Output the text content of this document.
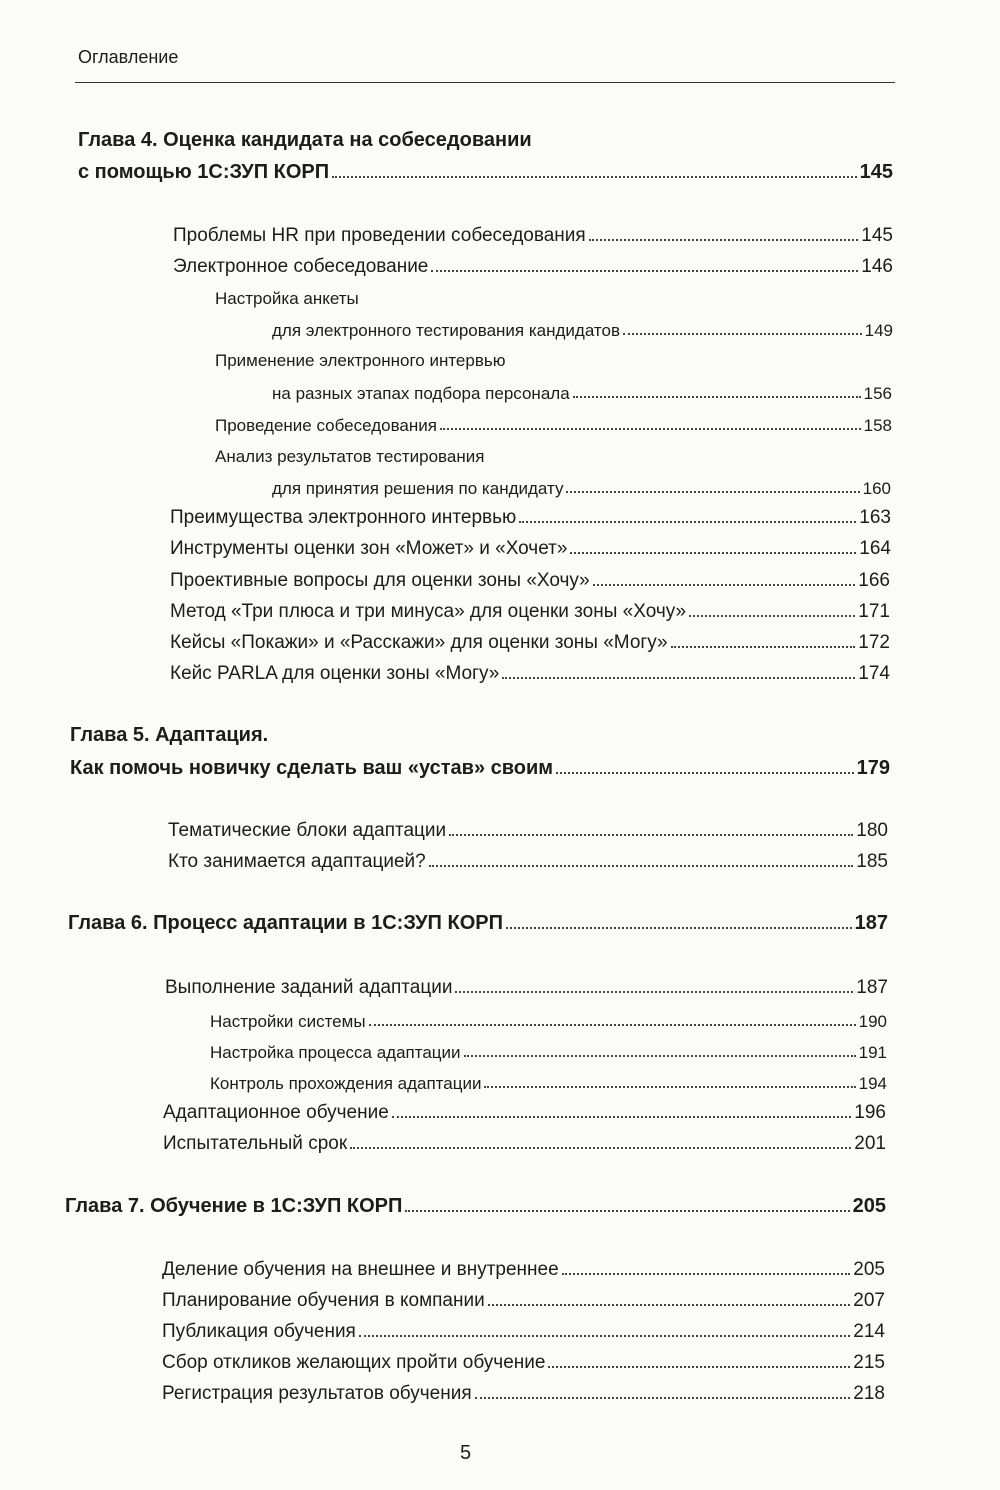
Оглавление
Глава 4. Оценка кандидата на собеседовании
с помощью 1С:ЗУП КОРП	145
Проблемы HR при проведении собеседования	145
Электронное собеседование	146
Настройка анкеты
для электронного тестирования кандидатов	149
Применение электронного интервью
на разных этапах подбора персонала	156
Проведение собеседования	158
Анализ результатов тестирования
для принятия решения по кандидату	160
Преимущества электронного интервью	163
Инструменты оценки зон «Может» и «Хочет»	164
Проективные вопросы для оценки зоны «Хочу»	166
Метод «Три плюса и три минуса» для оценки зоны «Хочу»	171
Кейсы «Покажи» и «Расскажи» для оценки зоны «Могу»	172
Кейс PARLA для оценки зоны «Могу»	174
Глава 5. Адаптация.
Как помочь новичку сделать ваш «устав» своим	179
Тематические блоки адаптации	180
Кто занимается адаптацией?	185
Глава 6. Процесс адаптации в 1С:ЗУП КОРП	187
Выполнение заданий адаптации	187
Настройки системы	190
Настройка процесса адаптации	191
Контроль прохождения адаптации	194
Адаптационное обучение	196
Испытательный срок	201
Глава 7. Обучение в 1С:ЗУП КОРП	205
Деление обучения на внешнее и внутреннее	205
Планирование обучения в компании	207
Публикация обучения	214
Сбор откликов желающих пройти обучение	215
Регистрация результатов обучения	218
5
